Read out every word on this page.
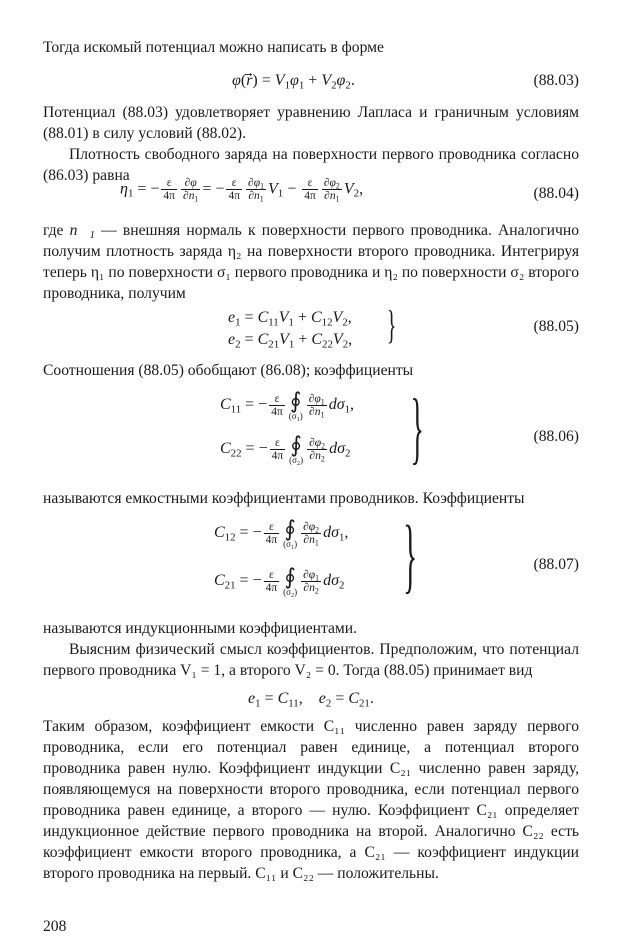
Тогда искомый потенциал можно написать в форме

φ(r⃗) = $V_1\varphi_1 + V_2\varphi_2$.	(88.03)

Потенциал (88.03) удовлетворяет уравнению Лапласа и граничным условиям (88.01) в силу условий (88.02).

Плотность свободного заряда на поверхности первого проводника согласно (86.03) равна

$\eta_1$ = − $\frac{\varepsilon}{4\pi} \frac{\partial\varphi}{\partial n_1}$ = − $\frac{\varepsilon}{4\pi} \frac{\partial\varphi_1}{\partial n_1} V_1 - \frac{\varepsilon}{4\pi} \frac{\partial\varphi_2}{\partial n_1} V_2$,	(88.04)
где $n⃗_1$ — внешняя нормаль к поверхности первого проводника. Аналогично получим плотность заряда η₂ на поверхности второго проводника. Интегрируя теперь η₁ по поверхности σ₁ первого проводника и η₂ по поверхности σ₂ второго проводника, получим
$e_1 = C_{11}V_1 + C_{12}V_2$,
$e_2 = C_{21}V_1 + C_{22}V_2$, }	(88.05)

Соотношения (88.05) обобщают (86.08); коэффициенты

$C_{11}$ = − $\frac{\varepsilon}{4\pi}$ ∮
$(\sigma_1) \frac{\partial\varphi_1}{\partial n_1} d\sigma_1$,
$C_{22}$ = − $\frac{\varepsilon}{4\pi}$ ∮
$(\sigma_2) \frac{\partial\varphi_2}{\partial n_2} d\sigma_2$ }	(88.06)

называются емкостными коэффициентами проводников. Коэффициенты

$C_{12}$ = − $\frac{\varepsilon}{4\pi}$ ∮
$(\sigma_1) \frac{\partial\varphi_2}{\partial n_1} d\sigma_1$,
$C_{21}$ = − $\frac{\varepsilon}{4\pi}$ ∮
$(\sigma_2) \frac{\partial\varphi_1}{\partial n_2} d\sigma_2$ }	(88.07)

называются индукционными коэффициентами.

Выясним физический смысл коэффициентов. Предположим, что потенциал первого проводника V₁ = 1, а второго V₂ = 0. Тогда (88.05) принимает вид

$e_1 = C_{11}$,    $e_2 = C_{21}$.

Таким образом, коэффициент емкости C₁₁ численно равен заряду первого проводника, если его потенциал равен единице, а потенциал второго проводника равен нулю. Коэффициент индукции C₂₁ численно равен заряду, появляющемуся на поверхности второго проводника, если потенциал первого проводника равен единице, а второго — нулю. Коэффициент C₂₁ определяет индукционное действие первого проводника на второй. Аналогично C₂₂ есть коэффициент емкости второго проводника, а C₂₁ — коэффициент индукции второго проводника на первый. C₁₁ и C₂₂ — положительны.

208
